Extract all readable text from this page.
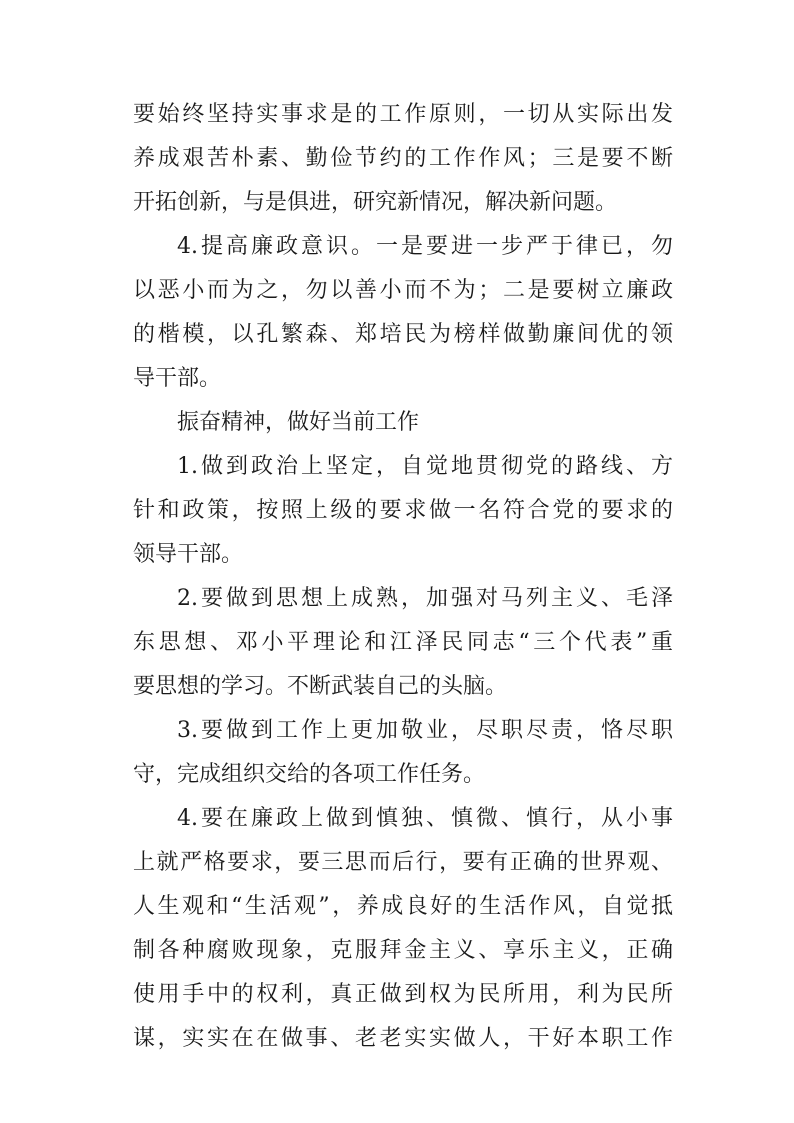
要始终坚持实事求是的工作原则，一切从实际出发
养成艰苦朴素、勤俭节约的工作作风；三是要不断
开拓创新，与是俱进，研究新情况，解决新问题。
4.提高廉政意识。一是要进一步严于律已，勿
以恶小而为之，勿以善小而不为；二是要树立廉政
的楷模，以孔繁森、郑培民为榜样做勤廉间优的领
导干部。
振奋精神，做好当前工作
1.做到政治上坚定，自觉地贯彻党的路线、方
针和政策，按照上级的要求做一名符合党的要求的
领导干部。
2.要做到思想上成熟，加强对马列主义、毛泽
东思想、邓小平理论和江泽民同志“三个代表”重
要思想的学习。不断武装自己的头脑。
3.要做到工作上更加敬业，尽职尽责，恪尽职
守，完成组织交给的各项工作任务。
4.要在廉政上做到慎独、慎微、慎行，从小事
上就严格要求，要三思而后行，要有正确的世界观、
人生观和“生活观”，养成良好的生活作风，自觉抵
制各种腐败现象，克服拜金主义、享乐主义，正确
使用手中的权利，真正做到权为民所用，利为民所
谋，实实在在做事、老老实实做人，干好本职工作
